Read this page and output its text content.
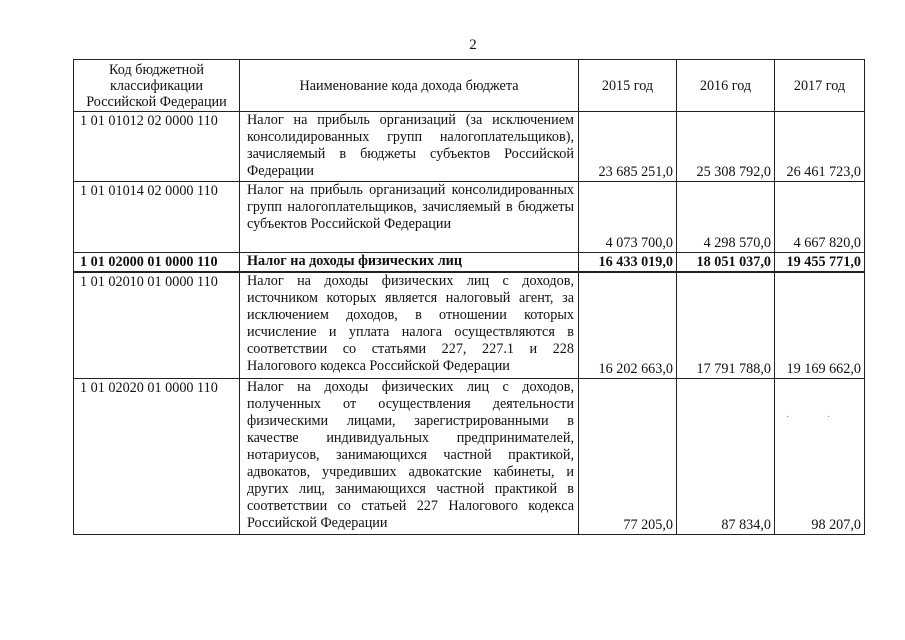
2
Код бюджетной классификации Российской Федерации	Наименование кода дохода бюджета	2015 год	2016 год	2017 год
1 01 01012 02 0000 110	Налог на прибыль организаций (за исключением консолидированных групп налогоплательщиков), зачисляемый в бюджеты субъектов Российской Федерации	23 685 251,0	25 308 792,0	26 461 723,0
1 01 01014 02 0000 110	Налог на прибыль организаций консолидированных групп налогоплательщиков, зачисляемый в бюджеты субъектов Российской Федерации	4 073 700,0	4 298 570,0	4 667 820,0
1 01 02000 01 0000 110	Налог на доходы физических лиц	16 433 019,0	18 051 037,0	19 455 771,0
1 01 02010 01 0000 110	Налог на доходы физических лиц с доходов, источником которых является налоговый агент, за исключением доходов, в отношении которых исчисление и уплата налога осуществляются в соответствии со статьями 227, 227.1 и 228 Налогового кодекса Российской Федерации	16 202 663,0	17 791 788,0	19 169 662,0
1 01 02020 01 0000 110	Налог на доходы физических лиц с доходов, полученных от осуществления деятельности физическими лицами, зарегистрированными в качестве индивидуальных предпринимателей, нотариусов, занимающихся частной практикой, адвокатов, учредивших адвокатские кабинеты, и других лиц, занимающихся частной практикой в соответствии со статьей 227 Налогового кодекса Российской Федерации	77 205,0	87 834,0	98 207,0
·	·
